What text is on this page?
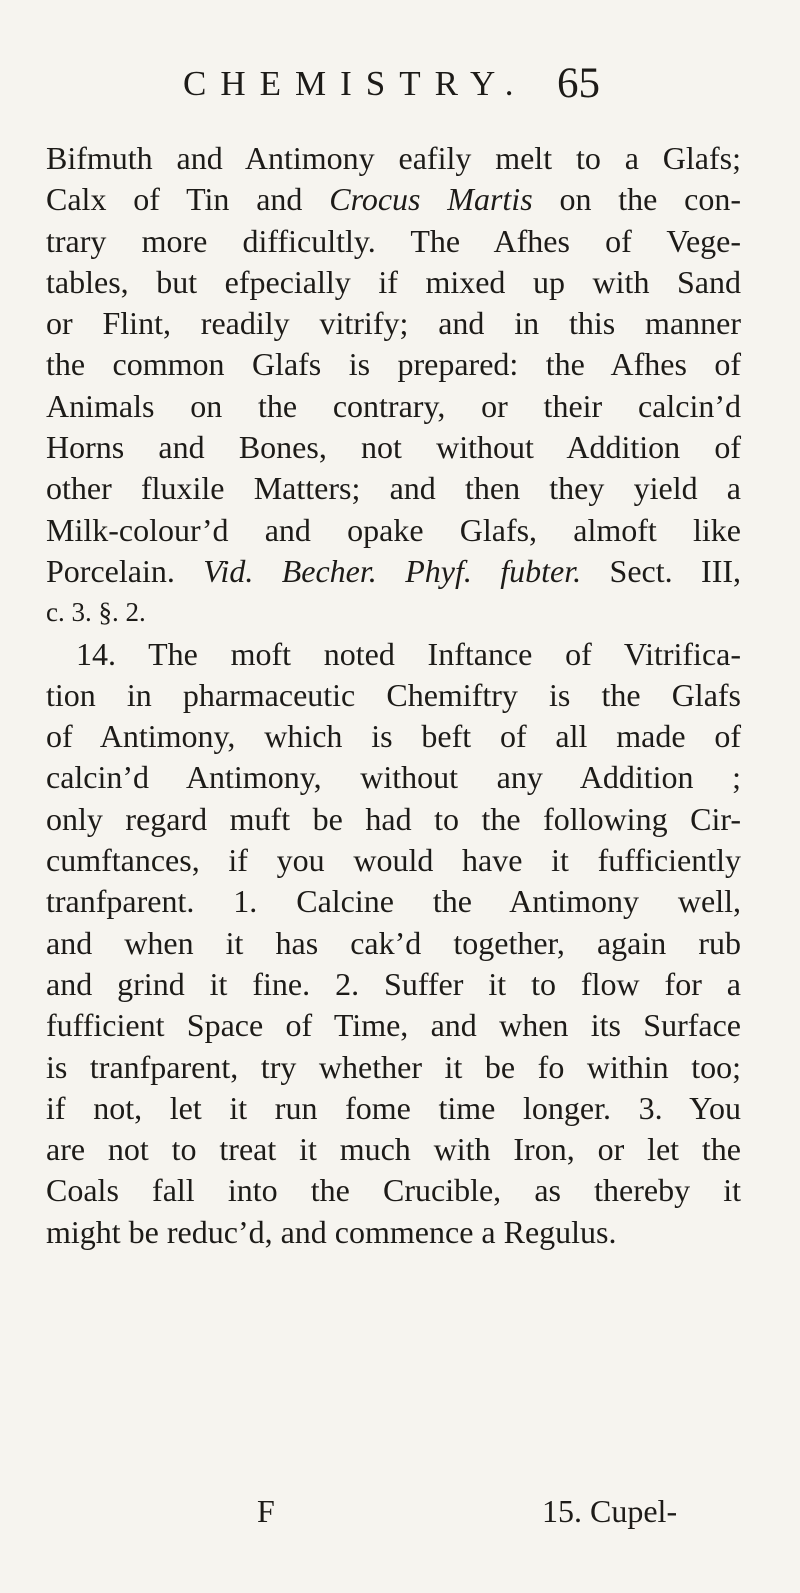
CHEMISTRY. 65
Bifmuth and Antimony eafily melt to a Glafs;
Calx of Tin and Crocus Martis on the con-
trary more difficultly. The Afhes of Vege-
tables, but efpecially if mixed up with Sand
or Flint, readily vitrify; and in this manner
the common Glafs is prepared: the Afhes of
Animals on the contrary, or their calcin’d
Horns and Bones, not without Addition of
other fluxile Matters; and then they yield a
Milk-colour’d and opake Glafs, almoft like
Porcelain. Vid. Becher. Phyf. fubter. Sect. III,
c. 3. §. 2.
14. The moft noted Inftance of Vitrifica-
tion in pharmaceutic Chemiftry is the Glafs
of Antimony, which is beft of all made of
calcin’d Antimony, without any Addition ;
only regard muft be had to the following Cir-
cumftances, if you would have it fufficiently
tranfparent. 1. Calcine the Antimony well,
and when it has cak’d together, again rub
and grind it fine. 2. Suffer it to flow for a
fufficient Space of Time, and when its Surface
is tranfparent, try whether it be fo within too;
if not, let it run fome time longer. 3. You
are not to treat it much with Iron, or let the
Coals fall into the Crucible, as thereby it
might be reduc’d, and commence a Regulus.
F	15. Cupel-
